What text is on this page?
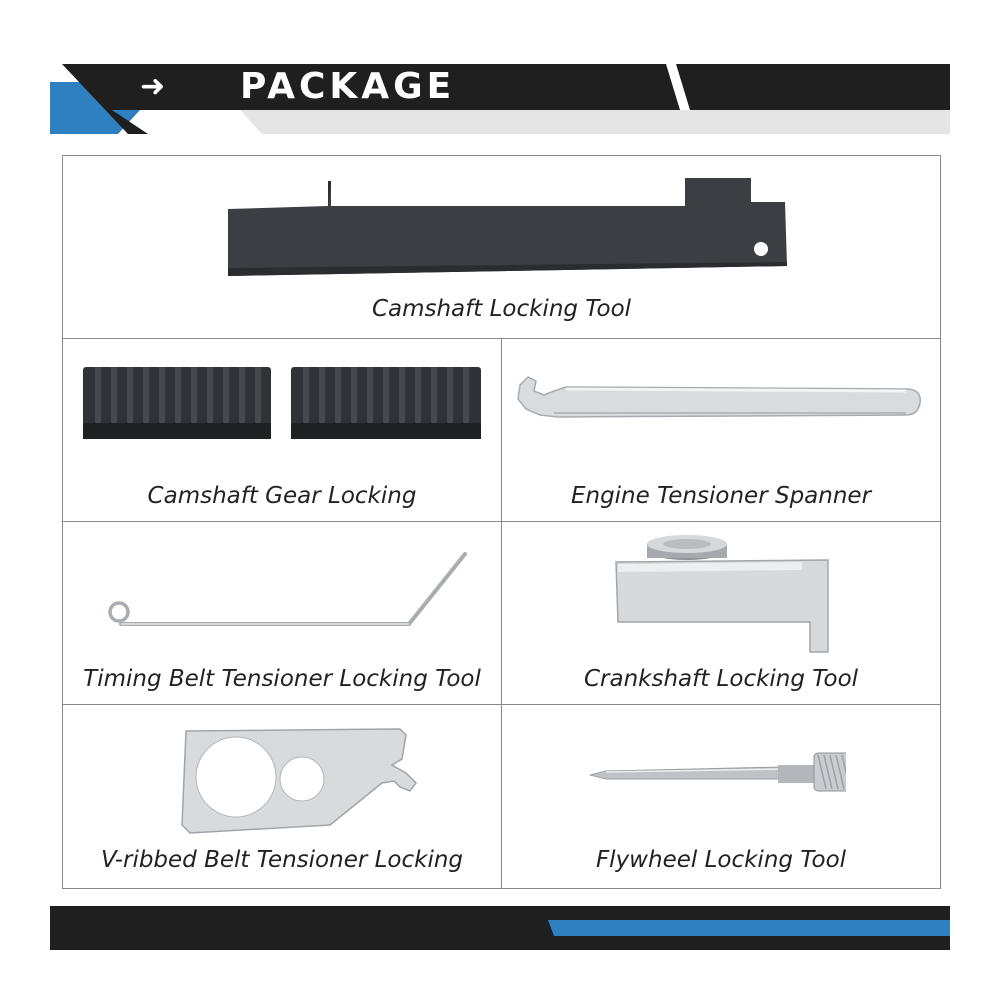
➜ PACKAGE
Camshaft Locking Tool
Camshaft Gear Locking	Engine Tensioner Spanner
Timing Belt Tensioner Locking Tool	Crankshaft Locking Tool
V-ribbed Belt Tensioner Locking	Flywheel Locking Tool
